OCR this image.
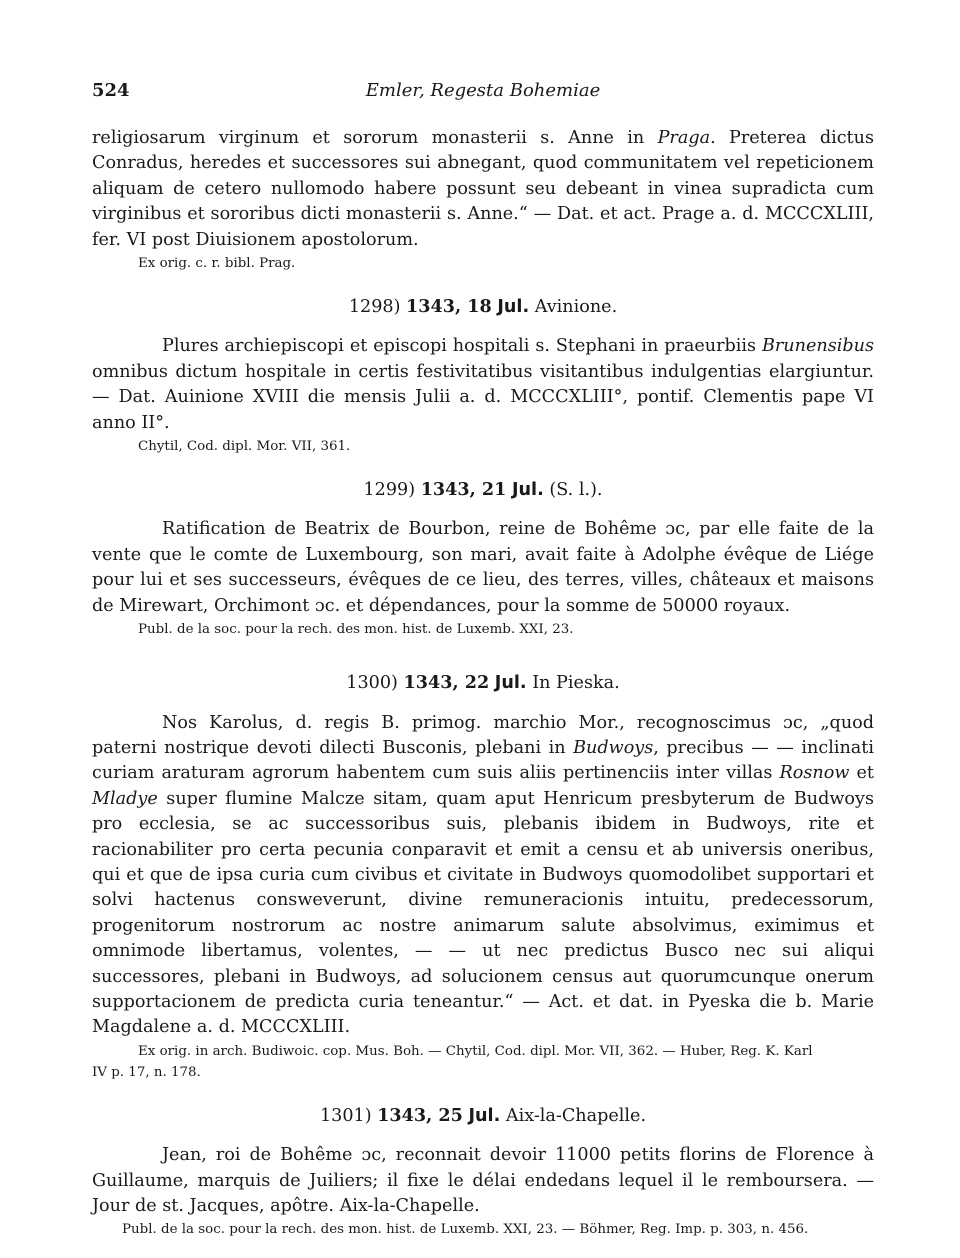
524	Emler, Regesta Bohemiae

religiosarum virginum et sororum monasterii s. Anne in Praga. Preterea dictus Conradus, heredes et successores sui abnegant, quod communitatem vel repeticionem aliquam de cetero nullomodo habere possunt seu debeant in vinea supradicta cum virginibus et sororibus dicti monasterii s. Anne.“ — Dat. et act. Prage a. d. MCCCXLIII, fer. VI post Diuisionem apostolorum.

Ex orig. c. r. bibl. Prag.
1298) 1343, 18 Jul. Avinione.

Plures archiepiscopi et episcopi hospitali s. Stephani in praeurbiis Brunensibus omnibus dictum hospitale in certis festivitatibus visitantibus indulgentias elargiuntur. — Dat. Auinione XVIII die mensis Julii a. d. MCCCXLIII°, pontif. Clementis pape VI anno II°.

Chytil, Cod. dipl. Mor. VII, 361.
1299) 1343, 21 Jul. (S. l.).

Ratification de Beatrix de Bourbon, reine de Bohême ɔc, par elle faite de la vente que le comte de Luxembourg, son mari, avait faite à Adolphe évêque de Liége pour lui et ses successeurs, évêques de ce lieu, des terres, villes, châteaux et maisons de Mirewart, Orchimont ɔc. et dépendances, pour la somme de 50000 royaux.

Publ. de la soc. pour la rech. des mon. hist. de Luxemb. XXI, 23.
1300) 1343, 22 Jul. In Pieska.

Nos Karolus, d. regis B. primog. marchio Mor., recognoscimus ɔc, „quod paterni nostrique devoti dilecti Busconis, plebani in Budwoys, precibus — — inclinati curiam araturam agrorum habentem cum suis aliis pertinenciis inter villas Rosnow et Mladye super flumine Malcze sitam, quam aput Henricum presbyterum de Budwoys pro ecclesia, se ac successoribus suis, plebanis ibidem in Budwoys, rite et racionabiliter pro certa pecunia conparavit et emit a censu et ab universis oneribus, qui et que de ipsa curia cum civibus et civitate in Budwoys quomodolibet supportari et solvi hactenus consweverunt, divine remuneracionis intuitu, predecessorum, progenitorum nostrorum ac nostre animarum salute absolvimus, eximimus et omnimode libertamus, volentes, — — ut nec predictus Busco nec sui aliqui successores, plebani in Budwoys, ad solucionem census aut quorumcunque onerum supportacionem de predicta curia teneantur.“ — Act. et dat. in Pyeska die b. Marie Magdalene a. d. MCCCXLIII.

Ex orig. in arch. Budiwoic. cop. Mus. Boh. — Chytil, Cod. dipl. Mor. VII, 362. — Huber, Reg. K. Karl
IV p. 17, n. 178.
1301) 1343, 25 Jul. Aix-la-Chapelle.

Jean, roi de Bohême ɔc, reconnait devoir 11000 petits florins de Florence à Guillaume, marquis de Juiliers; il fixe le délai endedans lequel il le remboursera. — Jour de st. Jacques, apôtre. Aix-la-Chapelle.

Publ. de la soc. pour la rech. des mon. hist. de Luxemb. XXI, 23. — Böhmer, Reg. Imp. p. 303, n. 456.
